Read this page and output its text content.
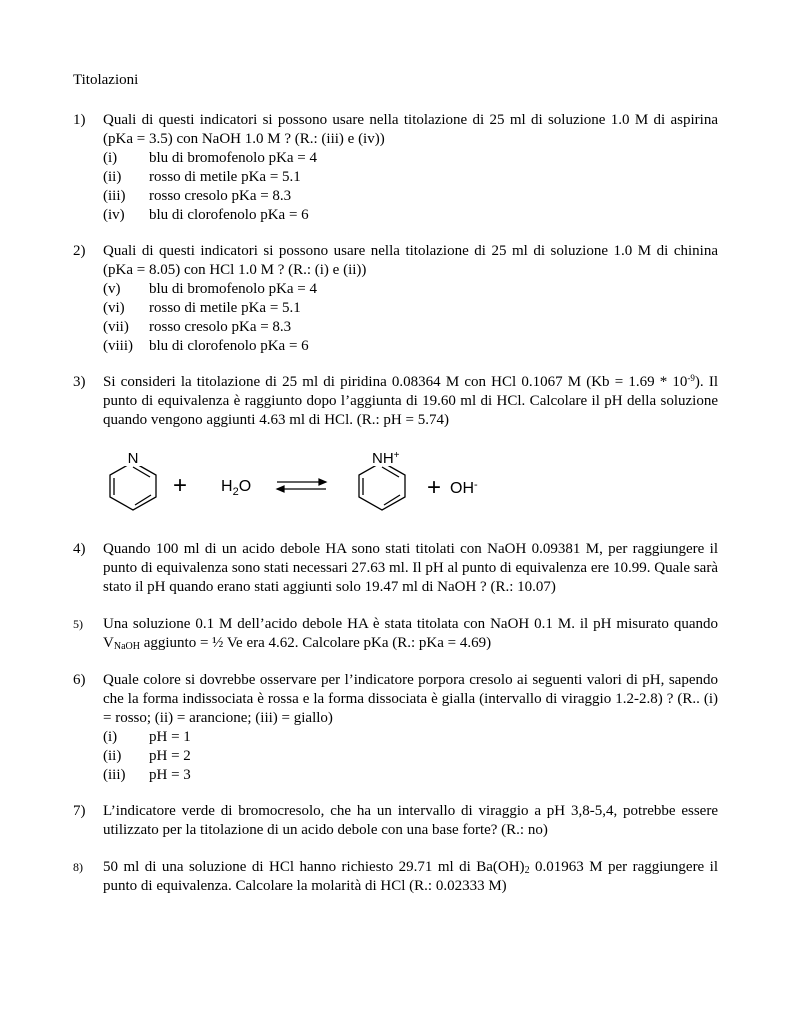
Titolazioni
1) Quali di questi indicatori si possono usare nella titolazione di 25 ml di soluzione 1.0 M di aspirina (pKa = 3.5) con NaOH 1.0 M ? (R.: (iii) e (iv))

(i)	blu di bromofenolo pKa = 4
(ii)	rosso di metile pKa = 5.1
(iii)	rosso cresolo pKa = 8.3
(iv)	blu di clorofenolo pKa = 6
2) Quali di questi indicatori si possono usare nella titolazione di 25 ml di soluzione 1.0 M di chinina (pKa = 8.05) con HCl 1.0 M ? (R.: (i) e (ii))

(v)	blu di bromofenolo pKa = 4
(vi)	rosso di metile pKa = 5.1
(vii)	rosso cresolo pKa = 8.3
(viii)	blu di clorofenolo pKa = 6
3) Si consideri la titolazione di 25 ml di piridina 0.08364 M con HCl 0.1067 M $(Kb = 1.69 * 10^{-9})$. Il punto di equivalenza è raggiunto dopo l’aggiunta di 19.60 ml di HCl. Calcolare il pH della soluzione quando vengono aggiunti 4.63 ml di HCl. (R.: pH = 5.74)

N
+ $H_2O$
NH+
+ OH-
4) Quando 100 ml di un acido debole HA sono stati titolati con NaOH 0.09381 M, per raggiungere il punto di equivalenza sono stati necessari 27.63 ml. Il pH al punto di equivalenza ere 10.99. Quale sarà stato il pH quando erano stati aggiunti solo 19.47 ml di NaOH ? (R.: 10.07)

5) Una soluzione 0.1 M dell’acido debole HA è stata titolata con NaOH 0.1 M. il pH misurato quando $V_{NaOH}$ aggiunto = ½ Ve era 4.62. Calcolare pKa (R.: pKa = 4.69)

6) Quale colore si dovrebbe osservare per l’indicatore porpora cresolo ai seguenti valori di pH, sapendo che la forma indissociata è rossa e la forma dissociata è gialla (intervallo di viraggio 1.2-2.8) ? (R.. (i) = rosso; (ii) = arancione; (iii) = giallo)

(i)	pH = 1
(ii)	pH = 2
(iii)	pH = 3
7) L’indicatore verde di bromocresolo, che ha un intervallo di viraggio a pH 3,8-5,4, potrebbe essere utilizzato per la titolazione di un acido debole con una base forte? (R.: no)

8) 50 ml di una soluzione di HCl hanno richiesto 29.71 ml di $Ba(OH)_2$ 0.01963 M per raggiungere il punto di equivalenza. Calcolare la molarità di HCl (R.: 0.02333 M)
